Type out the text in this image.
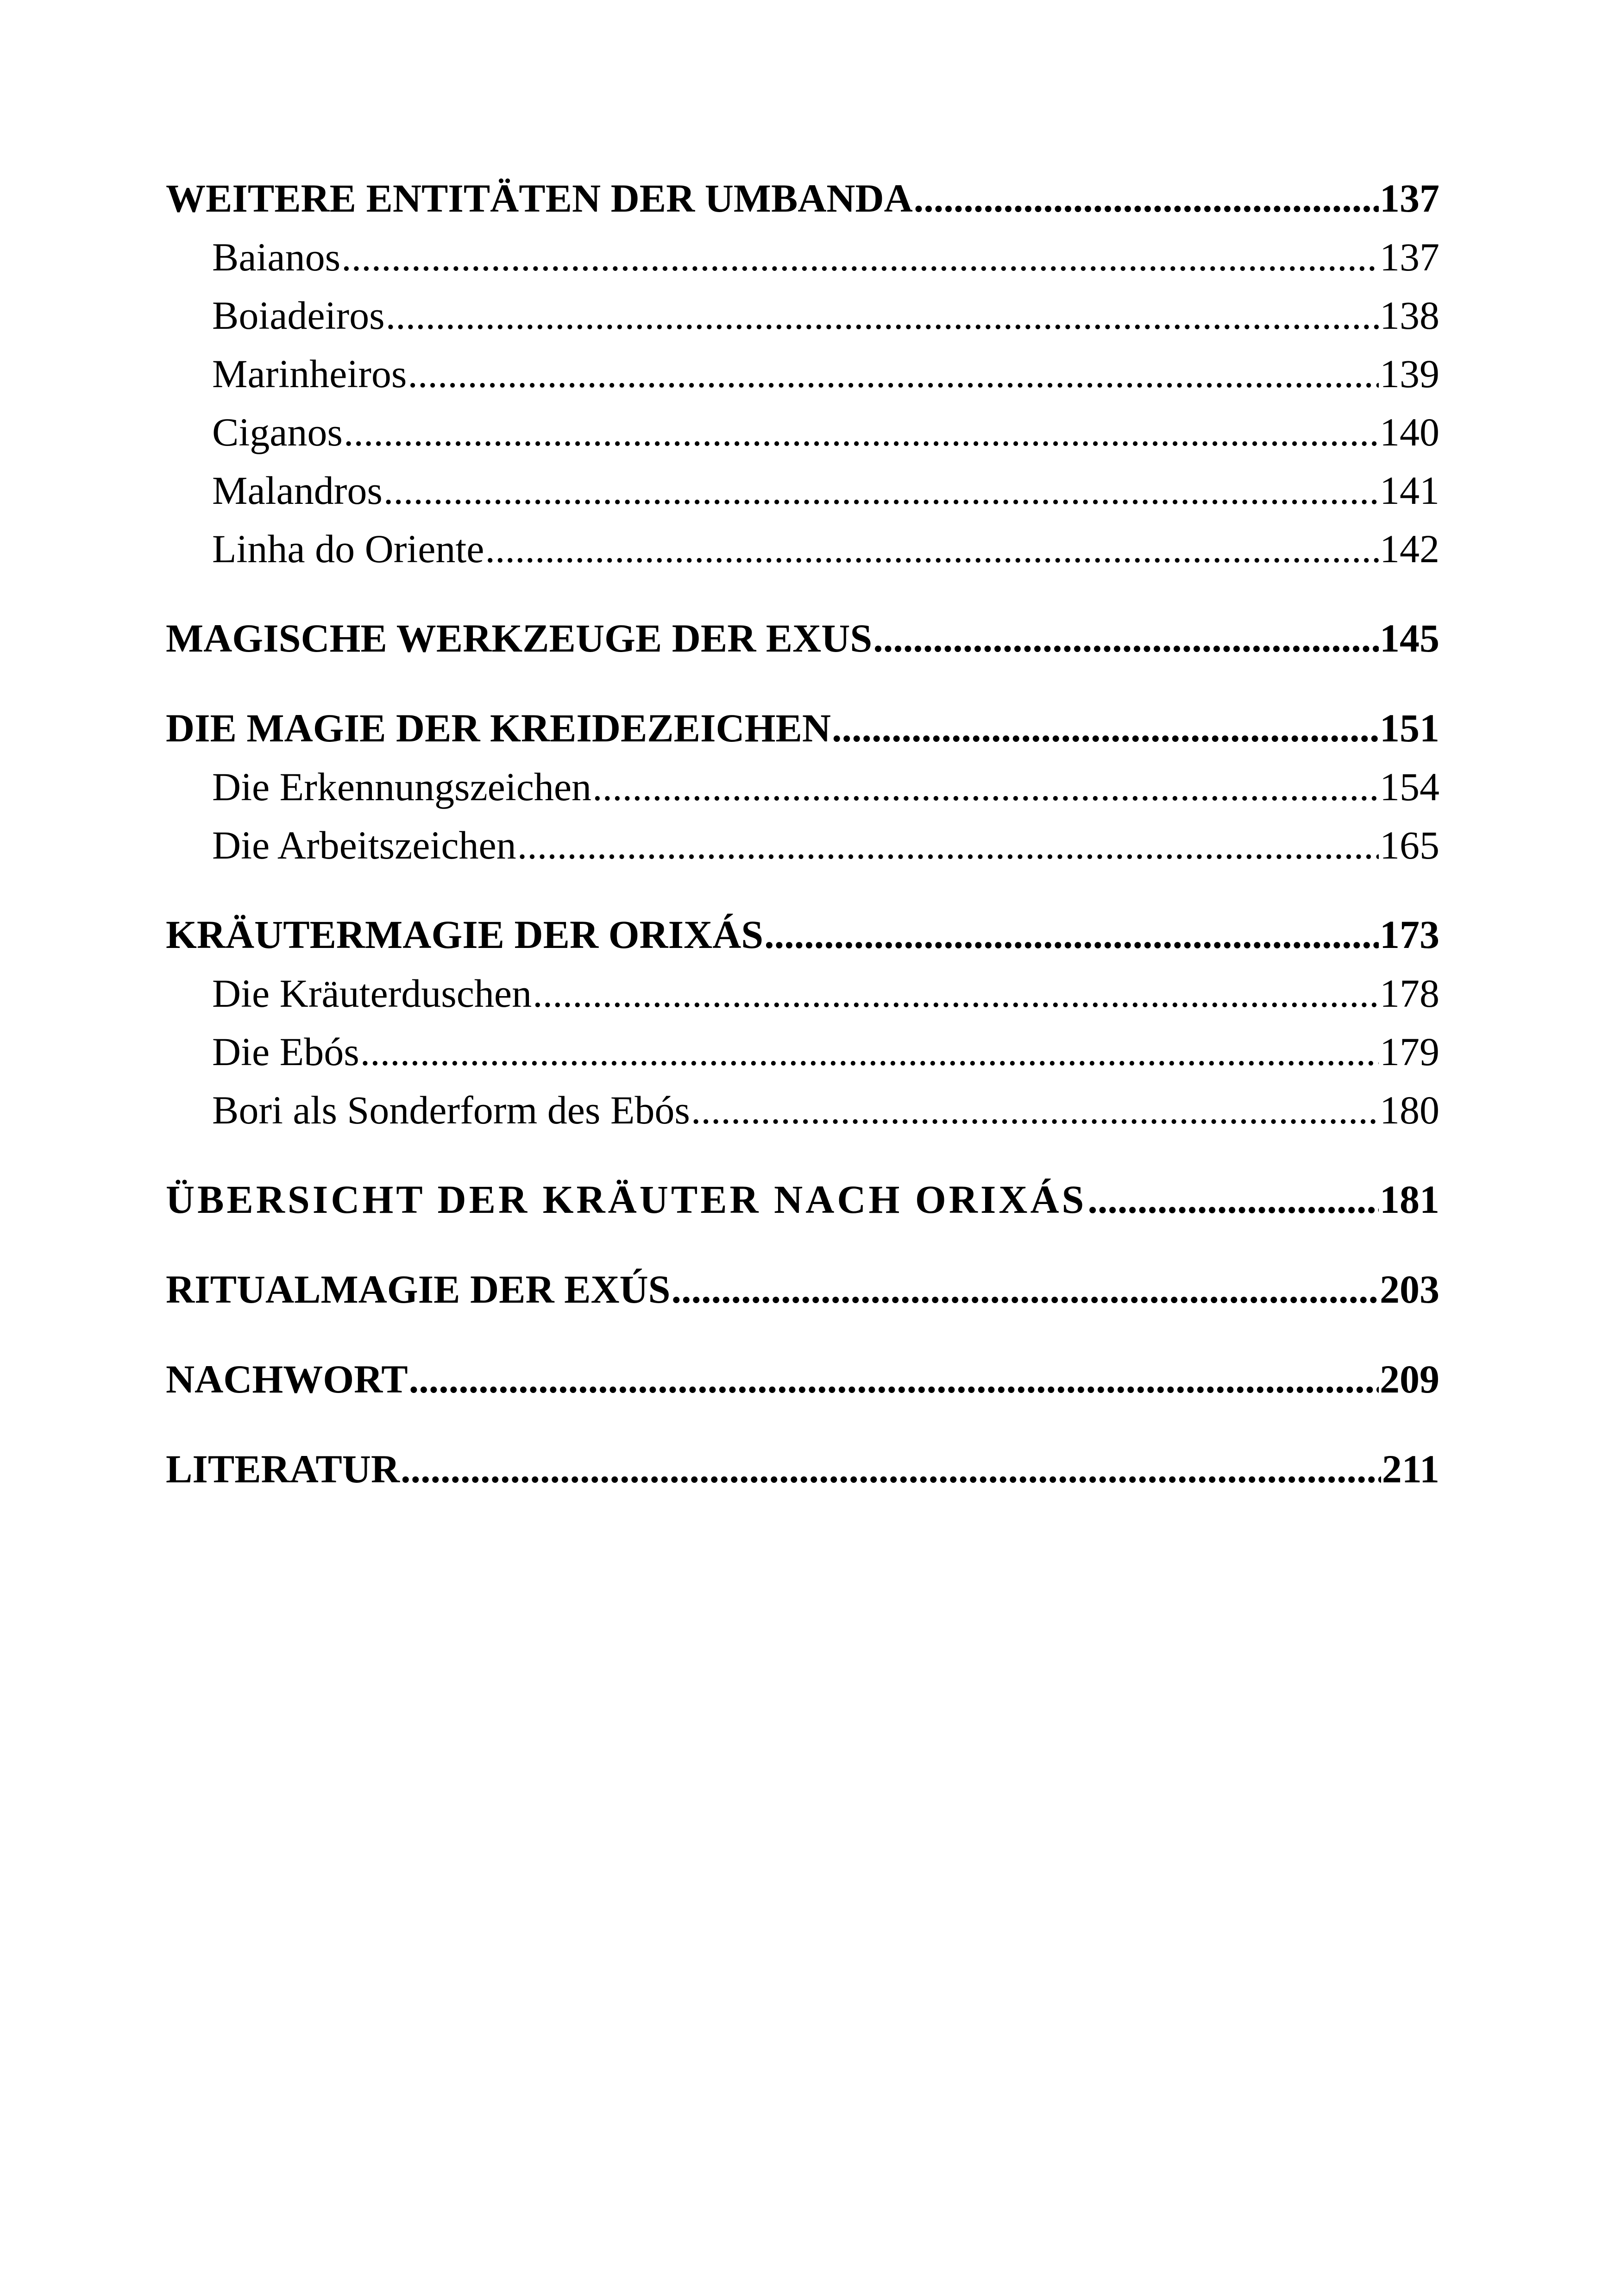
WEITERE ENTITÄTEN DER UMBANDA .....	137
Baianos .....	137
Boiadeiros .....	138
Marinheiros .....	139
Ciganos .....	140
Malandros .....	141
Linha do Oriente .....	142
MAGISCHE WERKZEUGE DER EXUS .....	145
DIE MAGIE DER KREIDEZEICHEN .....	151
Die Erkennungszeichen .....	154
Die Arbeitszeichen .....	165
KRÄUTERMAGIE DER ORIXÁS .....	173
Die Kräuterduschen .....	178
Die Ebós .....	179
Bori als Sonderform des Ebós .....	180
ÜBERSICHT DER KRÄUTER NACH ORIXÁS .....	181
RITUALMAGIE DER EXÚS .....	203
NACHWORT .....	209
LITERATUR .....	211
